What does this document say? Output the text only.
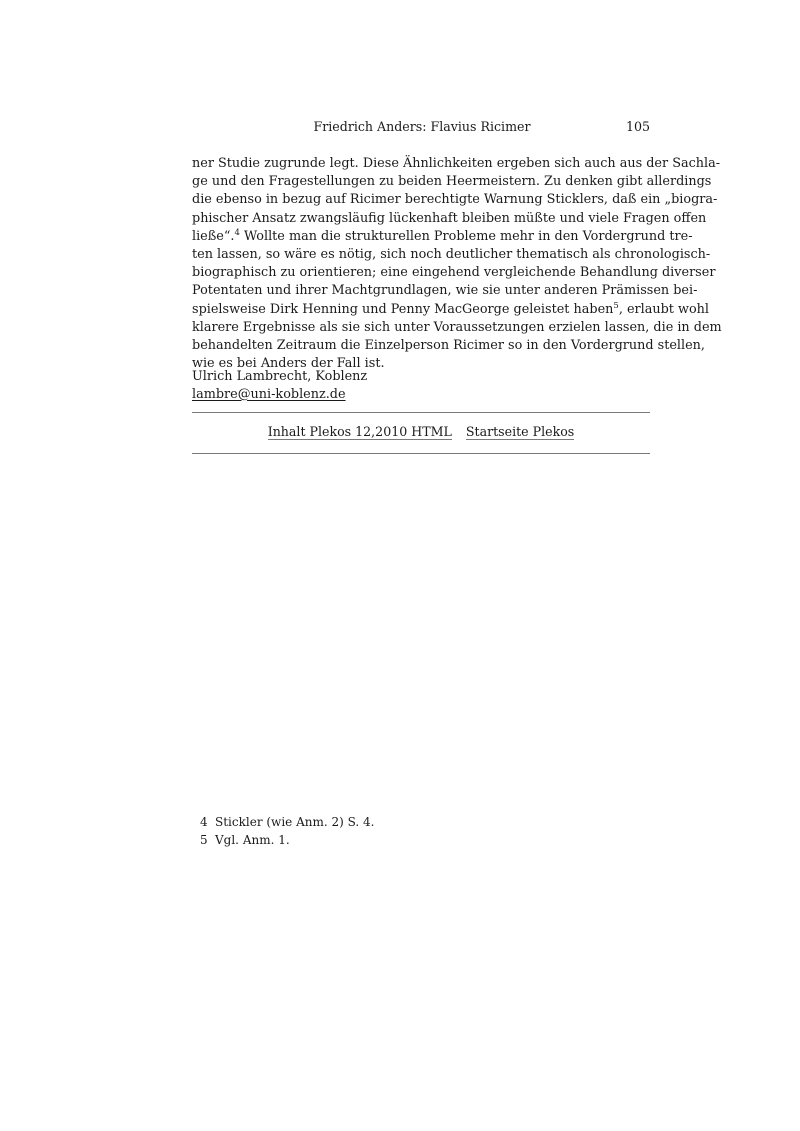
Friedrich Anders: Flavius Ricimer	105
ner Studie zugrunde legt. Diese Ähnlichkeiten ergeben sich auch aus der Sachla-
ge und den Fragestellungen zu beiden Heermeistern. Zu denken gibt allerdings
die ebenso in bezug auf Ricimer berechtigte Warnung Sticklers, daß ein „biogra-
phischer Ansatz zwangsläufig lückenhaft bleiben müßte und viele Fragen offen
ließe“.$^4$ Wollte man die strukturellen Probleme mehr in den Vordergrund tre-
ten lassen, so wäre es nötig, sich noch deutlicher thematisch als chronologisch-
biographisch zu orientieren; eine eingehend vergleichende Behandlung diverser
Potentaten und ihrer Machtgrundlagen, wie sie unter anderen Prämissen bei-
spielsweise Dirk Henning und Penny MacGeorge geleistet haben$^5$, erlaubt wohl
klarere Ergebnisse als sie sich unter Voraussetzungen erzielen lassen, die in dem
behandelten Zeitraum die Einzelperson Ricimer so in den Vordergrund stellen,
wie es bei Anders der Fall ist.
Ulrich Lambrecht, Koblenz
lambre@uni-koblenz.de
Inhalt Plekos 12,2010 HTML Startseite Plekos
4 Stickler (wie Anm. 2) S. 4.
5 Vgl. Anm. 1.
